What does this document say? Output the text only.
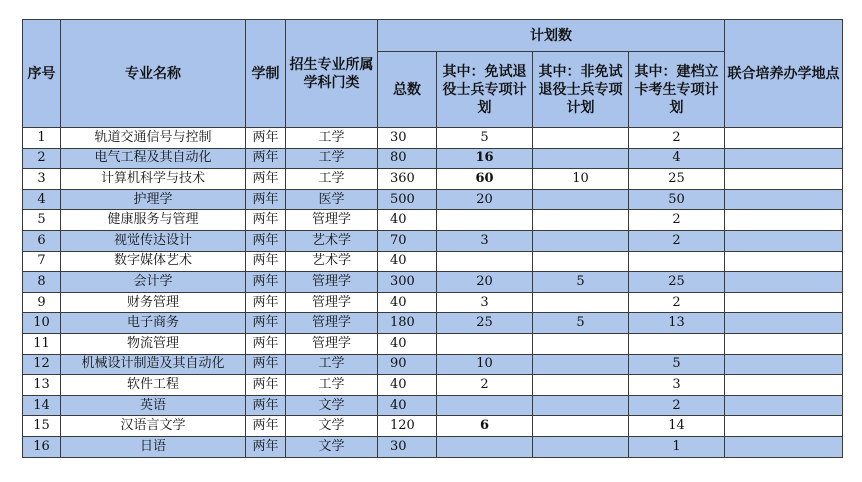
序号	专业名称	学制	招生专业所属学科门类	计划数				联合培养办学地点
				总数	其中：免试退役士兵专项计划	其中：非免试退役士兵专项计划	其中：建档立卡考生专项计划	
1	轨道交通信号与控制	两年	工学	30	5		2	
2	电气工程及其自动化	两年	工学	80	16		4	
3	计算机科学与技术	两年	工学	360	60	10	25	
4	护理学	两年	医学	500	20		50	
5	健康服务与管理	两年	管理学	40			2	
6	视觉传达设计	两年	艺术学	70	3		2	
7	数字媒体艺术	两年	艺术学	40				
8	会计学	两年	管理学	300	20	5	25	
9	财务管理	两年	管理学	40	3		2	
10	电子商务	两年	管理学	180	25	5	13	
11	物流管理	两年	管理学	40				
12	机械设计制造及其自动化	两年	工学	90	10		5	
13	软件工程	两年	工学	40	2		3	
14	英语	两年	文学	40			2	
15	汉语言文学	两年	文学	120	6		14	
16	日语	两年	文学	30			1	
